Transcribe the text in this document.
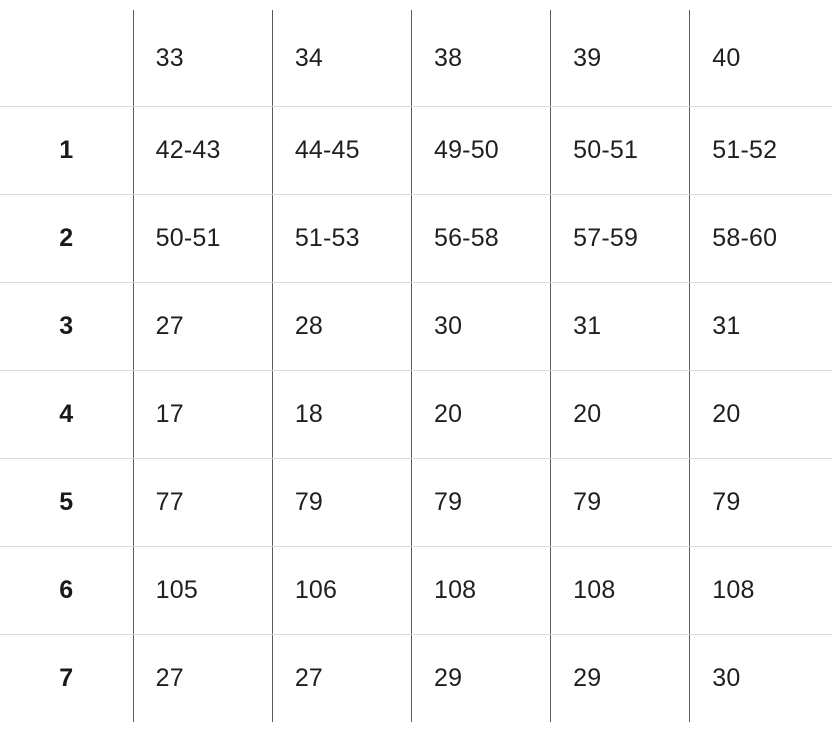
	33	34	38	39	40
1	42-43	44-45	49-50	50-51	51-52
2	50-51	51-53	56-58	57-59	58-60
3	27	28	30	31	31
4	17	18	20	20	20
5	77	79	79	79	79
6	105	106	108	108	108
7	27	27	29	29	30
